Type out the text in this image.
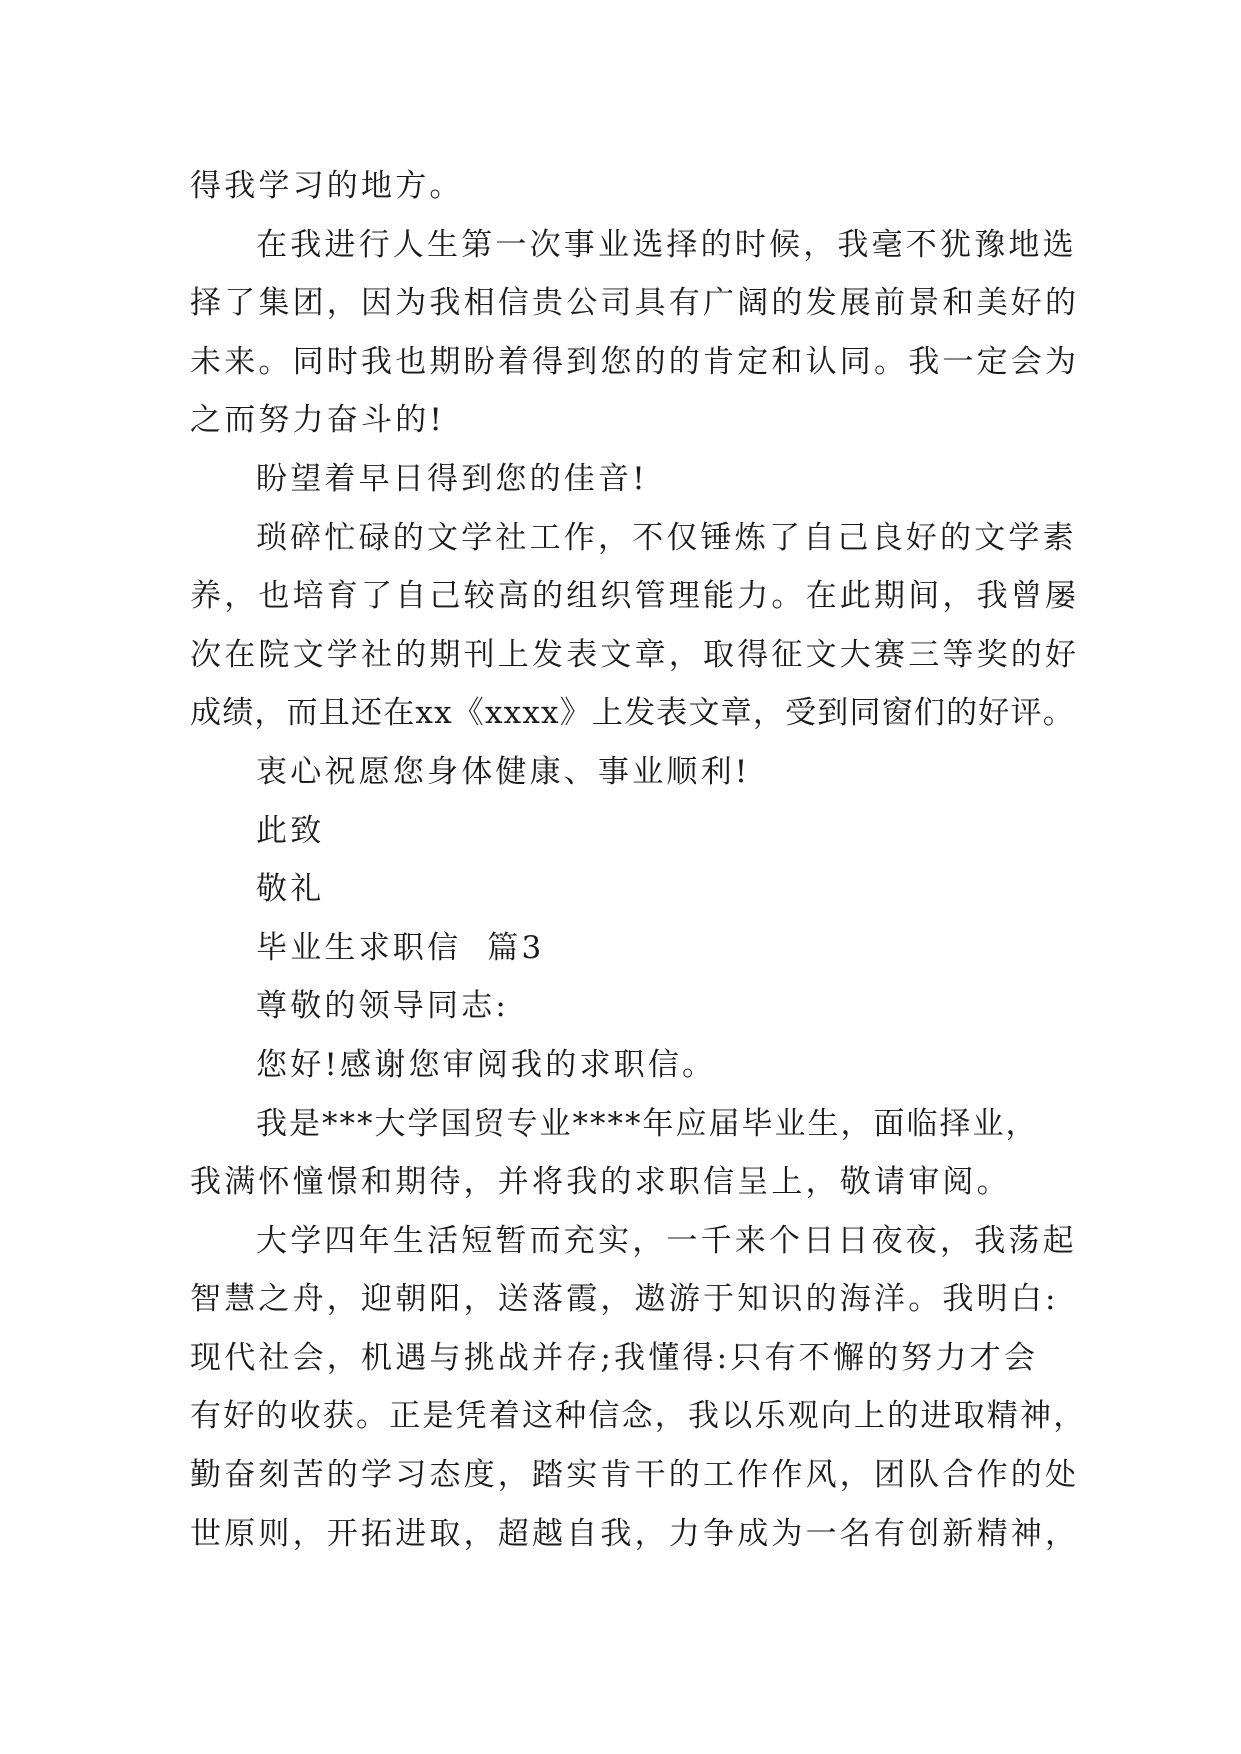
得我学习的地方。

在我进行人生第一次事业选择的时候，我毫不犹豫地选

择了集团，因为我相信贵公司具有广阔的发展前景和美好的

未来。同时我也期盼着得到您的的肯定和认同。我一定会为

之而努力奋斗的!

盼望着早日得到您的佳音!

琐碎忙碌的文学社工作，不仅锤炼了自己良好的文学素

养，也培育了自己较高的组织管理能力。在此期间，我曾屡

次在院文学社的期刊上发表文章，取得征文大赛三等奖的好

成绩，而且还在xx《xxxx》上发表文章，受到同窗们的好评。

衷心祝愿您身体健康、事业顺利!

此致

敬礼

毕业生求职信  篇3

尊敬的领导同志:

您好!感谢您审阅我的求职信。

我是***大学国贸专业****年应届毕业生，面临择业，

我满怀憧憬和期待，并将我的求职信呈上，敬请审阅。

大学四年生活短暂而充实，一千来个日日夜夜，我荡起

智慧之舟，迎朝阳，送落霞，遨游于知识的海洋。我明白:

现代社会，机遇与挑战并存;我懂得:只有不懈的努力才会

有好的收获。正是凭着这种信念，我以乐观向上的进取精神，

勤奋刻苦的学习态度，踏实肯干的工作作风，团队合作的处

世原则，开拓进取，超越自我，力争成为一名有创新精神，
